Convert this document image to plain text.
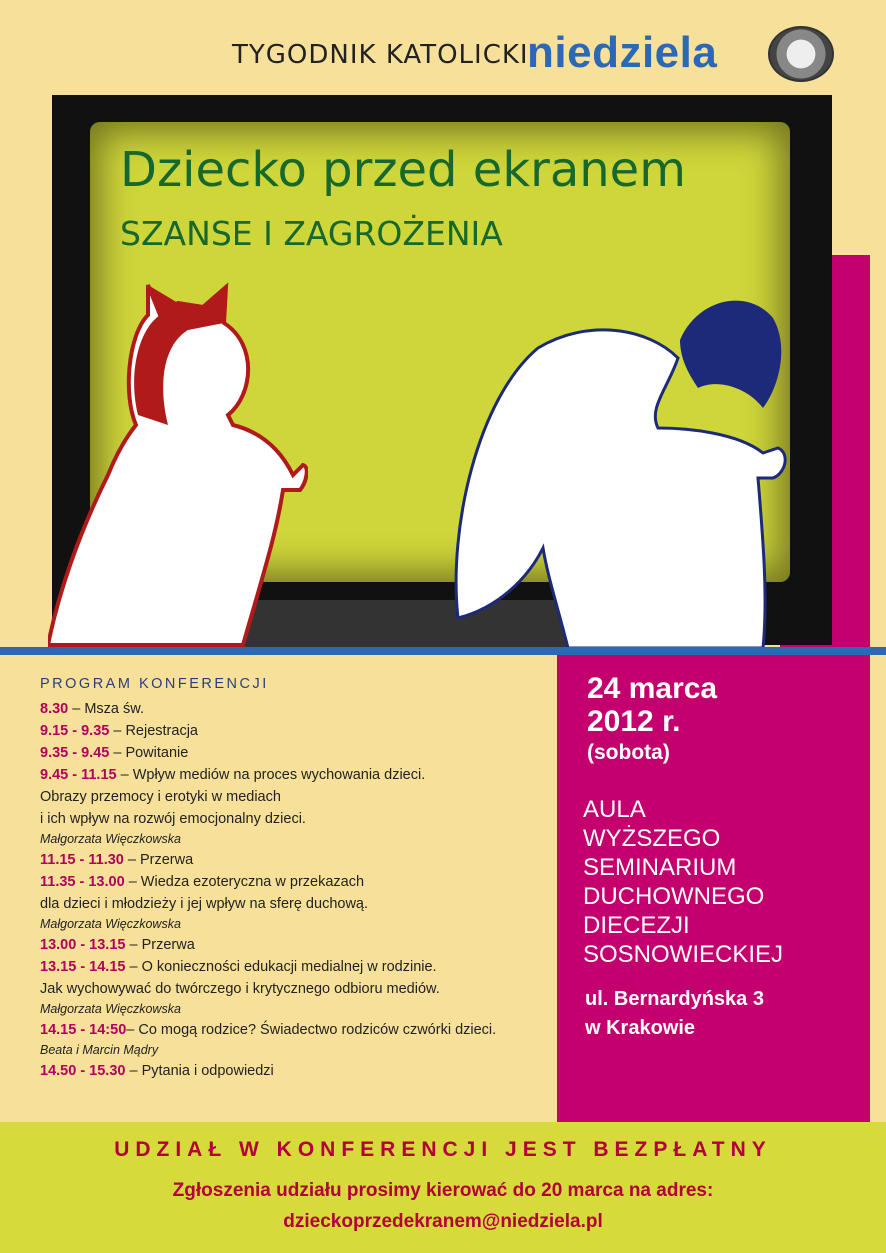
TYGODNIK KATOLICKI
niedziela
Dziecko przed ekranem
SZANSE I ZAGROŻENIA
PROGRAM KONFERENCJI
8.30 – Msza św.
9.15 - 9.35 – Rejestracja
9.35 - 9.45 – Powitanie
9.45 - 11.15 – Wpływ mediów na proces wychowania dzieci.
Obrazy przemocy i erotyki w mediach
i ich wpływ na rozwój emocjonalny dzieci.
Małgorzata Więczkowska
11.15 - 11.30 – Przerwa
11.35 - 13.00 – Wiedza ezoteryczna w przekazach
dla dzieci i młodzieży i jej wpływ na sferę duchową.
Małgorzata Więczkowska
13.00 - 13.15 – Przerwa
13.15 - 14.15 – O konieczności edukacji medialnej w rodzinie.
Jak wychowywać do twórczego i krytycznego odbioru mediów.
Małgorzata Więczkowska
14.15 - 14:50– Co mogą rodzice? Świadectwo rodziców czwórki dzieci.
Beata i Marcin Mądry
14.50 - 15.30 – Pytania i odpowiedzi
24 marca
2012 r.
(sobota)
AULA
WYŻSZEGO
SEMINARIUM
DUCHOWNEGO
DIECEZJI
SOSNOWIECKIEJ
ul. Bernardyńska 3
w Krakowie
UDZIAŁ W KONFERENCJI JEST BEZPŁATNY
Zgłoszenia udziału prosimy kierować do 20 marca na adres:
dzieckoprzedekranem@niedziela.pl
